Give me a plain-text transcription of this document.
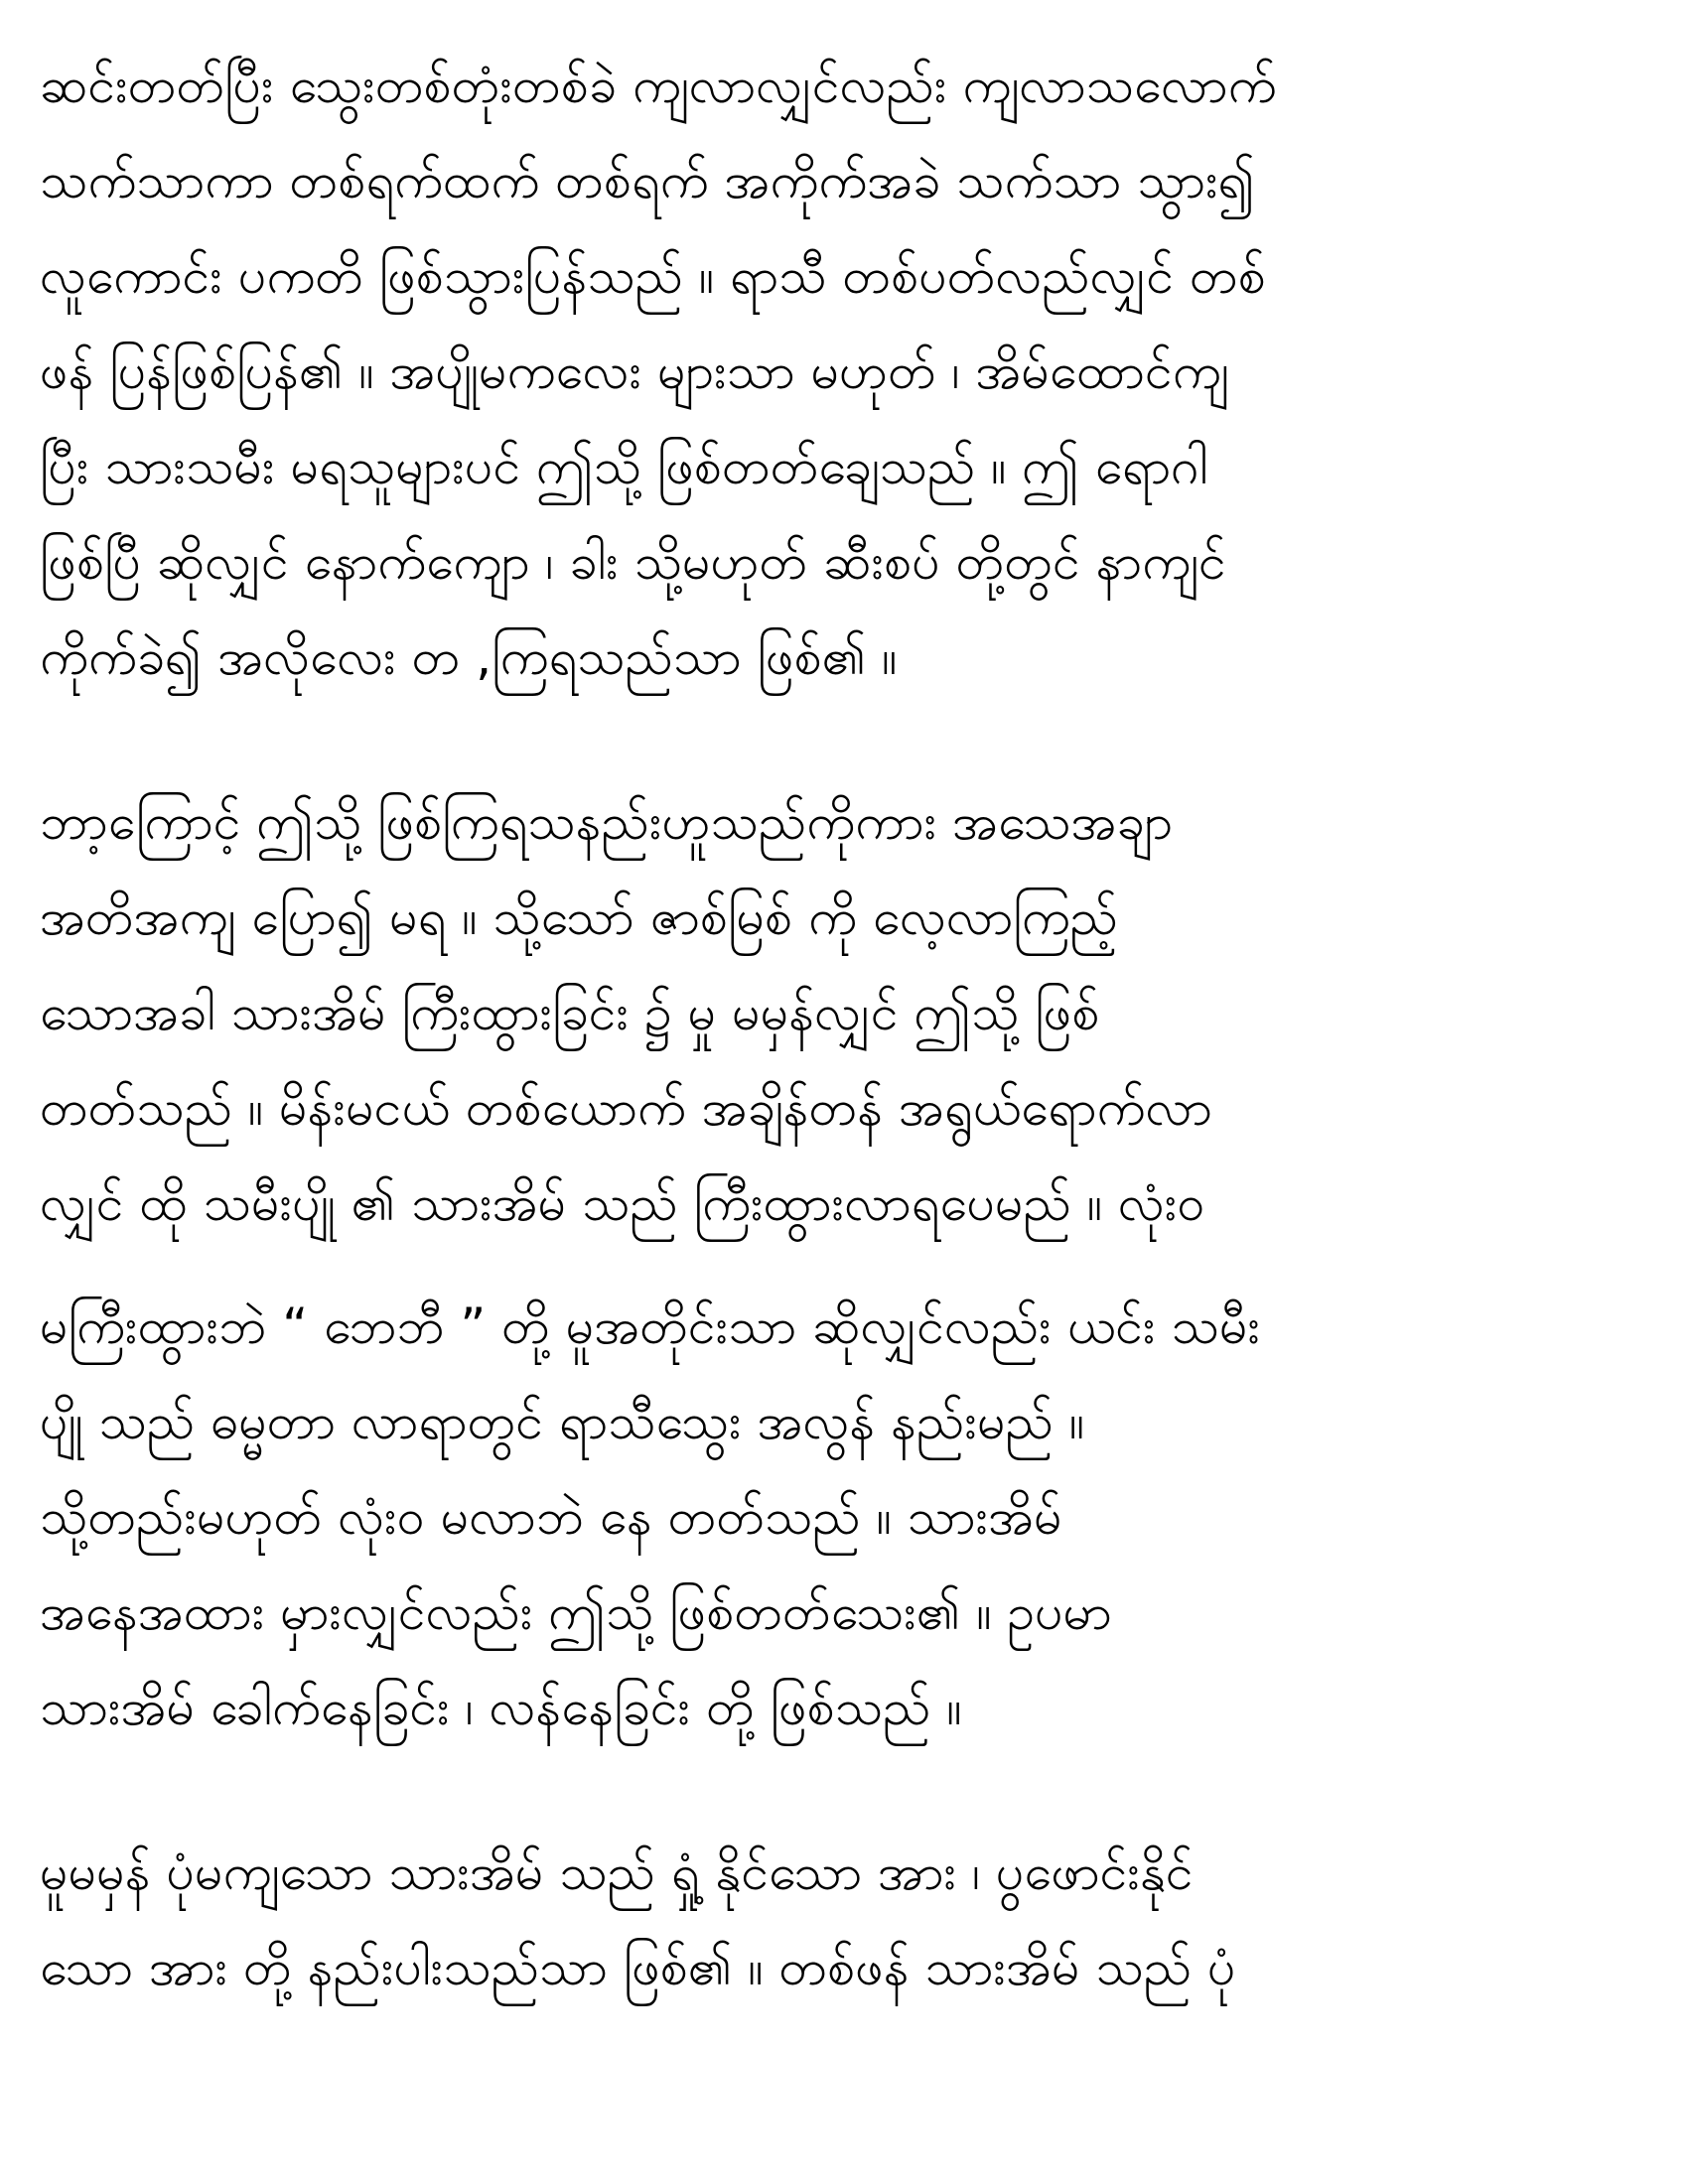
ဆင်းတတ်ပြီး သွေးတစ်တုံးတစ်ခဲ ကျလာလျှင်လည်း ကျလာသလောက်
သက်သာကာ တစ်ရက်ထက် တစ်ရက် အကိုက်အခဲ သက်သာ သွား၍
လူကောင်း ပကတိ ဖြစ်သွားပြန်သည် ။ ရာသီ တစ်ပတ်လည်လျှင် တစ်
ဖန် ပြန်ဖြစ်ပြန်၏ ။ အပျိုမကလေး များသာ မဟုတ် ၊ အိမ်ထောင်ကျ
ပြီး သားသမီး မရသူများပင် ဤသို့ ဖြစ်တတ်ချေသည် ။ ဤ ရောဂါ
ဖြစ်ပြီ ဆိုလျှင် နောက်ကျော ၊ ခါး သို့မဟုတ် ဆီးစပ် တို့တွင် နာကျင်
ကိုက်ခဲ၍ အလိုလေး တ ,ကြရသည်သာ ဖြစ်၏ ။
ဘာ့ကြောင့် ဤသို့ ဖြစ်ကြရသနည်းဟူသည်ကိုကား အသေအချာ
အတိအကျ ပြော၍ မရ ။ သို့သော် ဇာစ်မြစ် ကို လေ့လာကြည့်
သောအခါ သားအိမ် ကြီးထွားခြင်း ၌ မှု မမှန်လျှင် ဤသို့ ဖြစ်
တတ်သည် ။ မိန်းမငယ် တစ်ယောက် အချိန်တန် အရွယ်ရောက်လာ
လျှင် ထို သမီးပျို ၏ သားအိမ် သည် ကြီးထွားလာရပေမည် ။ လုံး၀
မကြီးထွားဘဲ “ ဘေဘီ ” တို့ မူအတိုင်းသာ ဆိုလျှင်လည်း ယင်း သမီး
ပျို သည် ဓမ္မတာ လာရာတွင် ရာသီသွေး အလွန် နည်းမည် ။
သို့တည်းမဟုတ် လုံး၀ မလာဘဲ နေ တတ်သည် ။ သားအိမ်
အနေအထား မှားလျှင်လည်း ဤသို့ ဖြစ်တတ်သေး၏ ။ ဥပမာ
သားအိမ် ခေါက်နေခြင်း ၊ လန်နေခြင်း တို့ ဖြစ်သည် ။
မူမမှန် ပုံမကျသော သားအိမ် သည် ရှုံ့ နိုင်သော အား ၊ ပွဖောင်းနိုင်
သော အား တို့ နည်းပါးသည်သာ ဖြစ်၏ ။ တစ်ဖန် သားအိမ် သည် ပုံ
